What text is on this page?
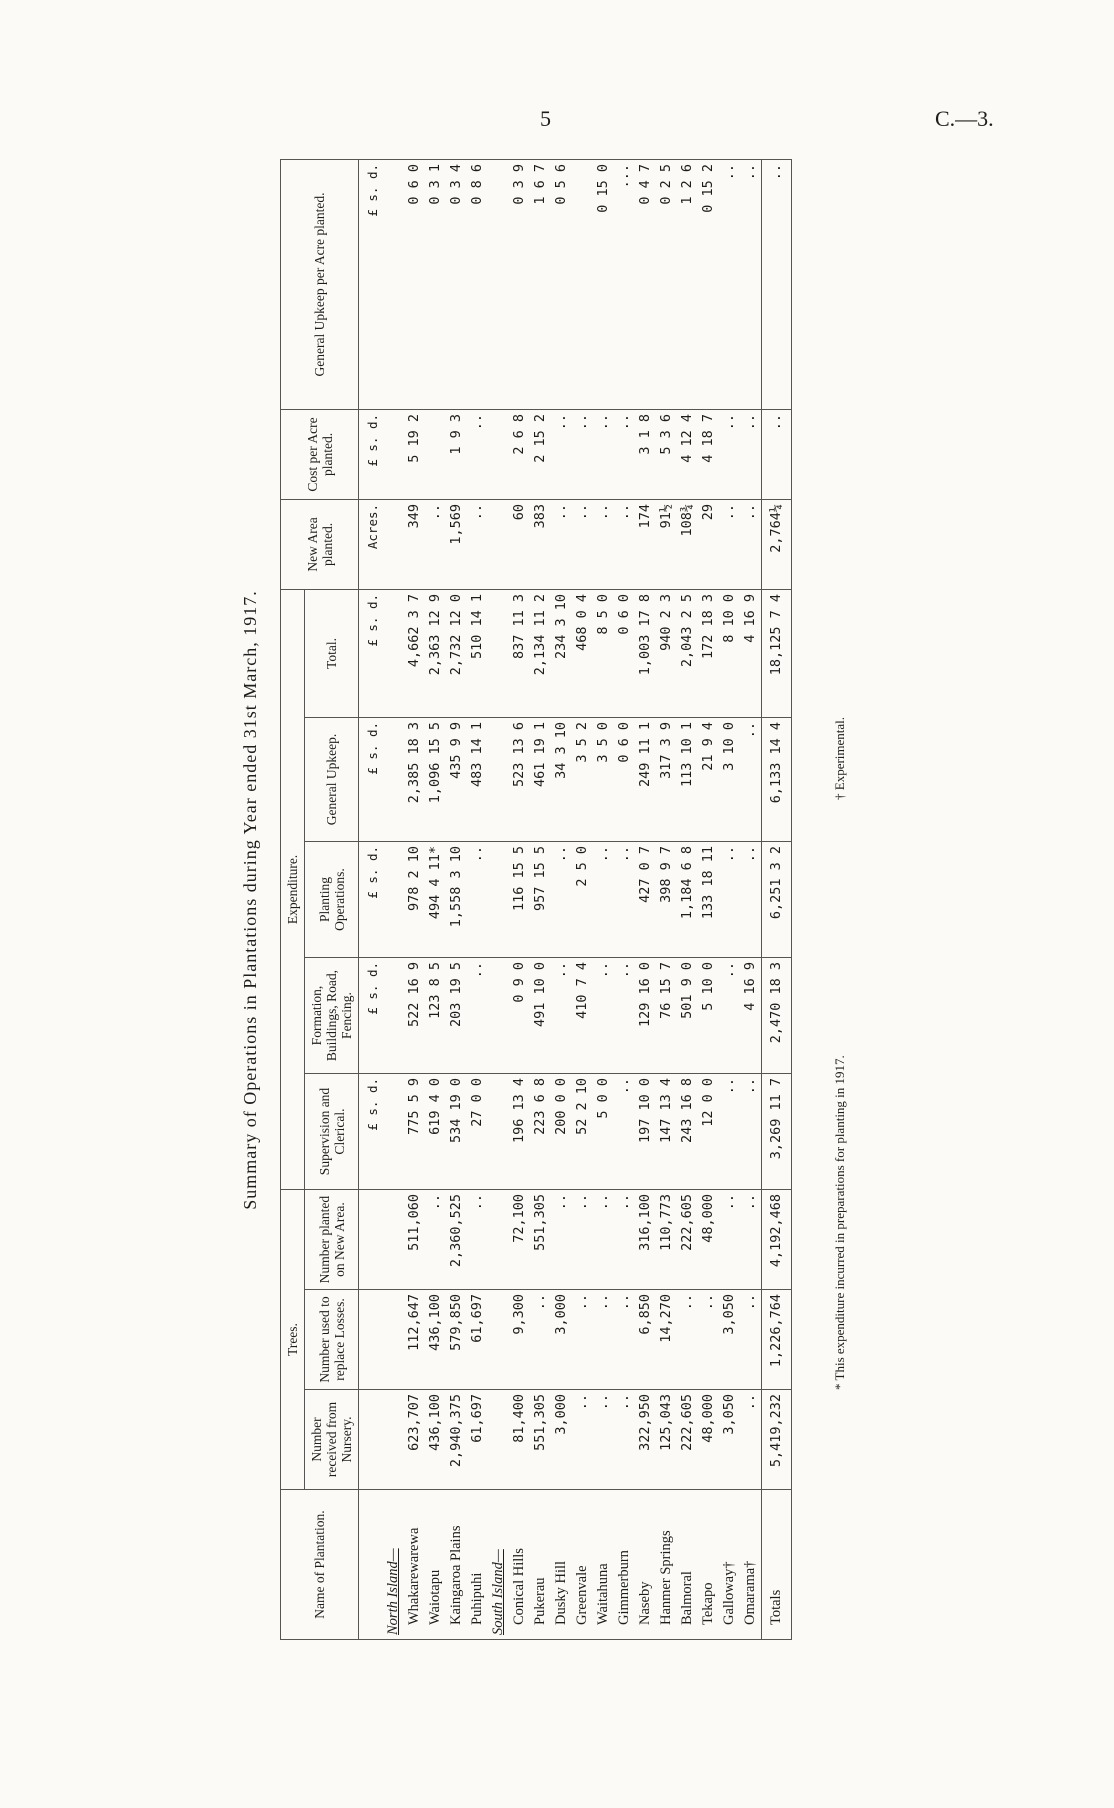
5	C.—3.
Summary of Operations in Plantations during Year ended 31st March, 1917.
Name of Plantation.	Trees.			Expenditure.					New Area planted.	Cost per Acre planted.	General Upkeep per Acre planted.
	Number received from Nursery.	Number used to replace Losses.	Number planted on New Area.	Supervision and Clerical.	Formation, Buildings, Road, Fencing.	Planting Operations.	General Upkeep.	Total.			
				£ s. d.	£ s. d.	£ s. d.	£ s. d.	£ s. d.	Acres.	£ s. d.	£ s. d.
North Island—											
Whakarewarewa	623,707	112,647	511,060	775 5 9	522 16 9	978 2 10	2,385 18 3	4,662 3 7	349	5 19 2	0 6 0
Waiotapu	436,100	436,100	..	619 4 0	123 8 5	494 4 11*	1,096 15 5	2,363 12 9	..		0 3 1
Kaingaroa Plains	2,940,375	579,850	2,360,525	534 19 0	203 19 5	1,558 3 10	435 9 9	2,732 12 0	1,569	1 9 3	0 3 4
Puhipuhi	61,697	61,697	..	27 0 0	..	..	483 14 1	510 14 1	..	..	0 8 6
South Island—											
Conical Hills	81,400	9,300	72,100	196 13 4	0 9 0	116 15 5	523 13 6	837 11 3	60	2 6 8	0 3 9
Pukerau	551,305	..	551,305	223 6 8	491 10 0	957 15 5	461 19 1	2,134 11 2	383	2 15 2	1 6 7
Dusky Hill	3,000	3,000	..	200 0 0	..	..	34 3 10	234 3 10	..	..	0 5 6
Greenvale	..	..	..	52 2 10	410 7 4	2 5 0	3 5 2	468 0 4	..	..	
Waitahuna	..	..	..	5 0 0	..	..	3 5 0	8 5 0	..	..	0 15 0
Gimmerburn	..	..	..	..	..	..	0 6 0	0 6 0	..	..	...
Naseby	322,950	6,850	316,100	197 10 0	129 16 0	427 0 7	249 11 1	1,003 17 8	174	3 1 8	0 4 7
Hanmer Springs	125,043	14,270	110,773	147 13 4	76 15 7	398 9 7	317 3 9	940 2 3	91½	5 3 6	0 2 5
Balmoral	222,605	..	222,605	243 16 8	501 9 0	1,184 6 8	113 10 1	2,043 2 5	108¾	4 12 4	1 2 6
Tekapo	48,000	..	48,000	12 0 0	5 10 0	133 18 11	21 9 4	172 18 3	29	4 18 7	0 15 2
Galloway†	3,050	3,050	..	..	..	..	3 10 0	8 10 0	..	..	..
Omarama†	..	..	..	..	4 16 9	..	..	4 16 9	..	..	..
Totals	5,419,232	1,226,764	4,192,468	3,269 11 7	2,470 18 3	6,251 3 2	6,133 14 4	18,125 7 4	2,764¼	..	..
* This expenditure incurred in preparations for planting in 1917.
† Experimental.
